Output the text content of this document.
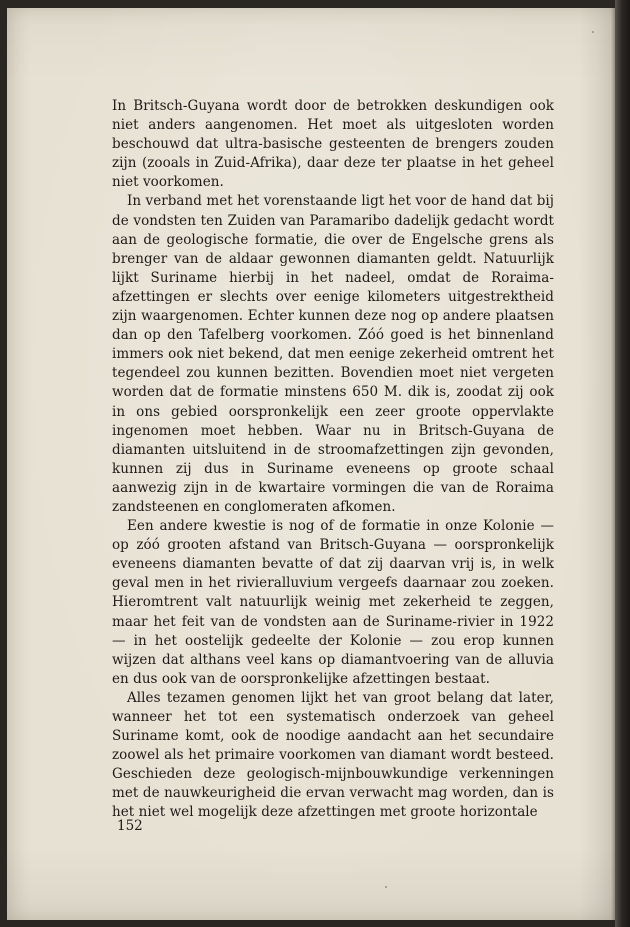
In Britsch-Guyana wordt door de betrokken deskundigen ook niet anders aangenomen. Het moet als uitgesloten worden beschouwd dat ultra-basische gesteenten de brengers zouden zijn (zooals in Zuid-Afrika), daar deze ter plaatse in het geheel niet voorkomen.

In verband met het vorenstaande ligt het voor de hand dat bij de vondsten ten Zuiden van Paramaribo dadelijk gedacht wordt aan de geologische formatie, die over de Engelsche grens als brenger van de aldaar gewonnen diamanten geldt. Natuurlijk lijkt Suriname hierbij in het nadeel, omdat de Roraima-afzettingen er slechts over eenige kilometers uitgestrektheid zijn waargenomen. Echter kunnen deze nog op andere plaatsen dan op den Tafelberg voorkomen. Zóó goed is het binnenland immers ook niet bekend, dat men eenige zekerheid omtrent het tegendeel zou kunnen bezitten. Bovendien moet niet vergeten worden dat de formatie minstens 650 M. dik is, zoodat zij ook in ons gebied oorspronkelijk een zeer groote oppervlakte ingenomen moet hebben. Waar nu in Britsch-Guyana de diamanten uitsluitend in de stroomafzettingen zijn gevonden, kunnen zij dus in Suriname eveneens op groote schaal aanwezig zijn in de kwartaire vormingen die van de Roraima zandsteenen en conglomeraten afkomen.

Een andere kwestie is nog of de formatie in onze Kolonie — op zóó grooten afstand van Britsch-Guyana — oorspronkelijk eveneens diamanten bevatte of dat zij daarvan vrij is, in welk geval men in het rivieralluvium vergeefs daarnaar zou zoeken. Hieromtrent valt natuurlijk weinig met zekerheid te zeggen, maar het feit van de vondsten aan de Suriname-rivier in 1922 — in het oostelijk gedeelte der Kolonie — zou erop kunnen wijzen dat althans veel kans op diamantvoering van de alluvia en dus ook van de oorspronkelijke afzettingen bestaat.

Alles tezamen genomen lijkt het van groot belang dat later, wanneer het tot een systematisch onderzoek van geheel Suriname komt, ook de noodige aandacht aan het secundaire zoowel als het primaire voorkomen van diamant wordt besteed. Geschieden deze geologisch-mijnbouwkundige verkenningen met de nauwkeurigheid die ervan verwacht mag worden, dan is het niet wel mogelijk deze afzettingen met groote horizontale

152
